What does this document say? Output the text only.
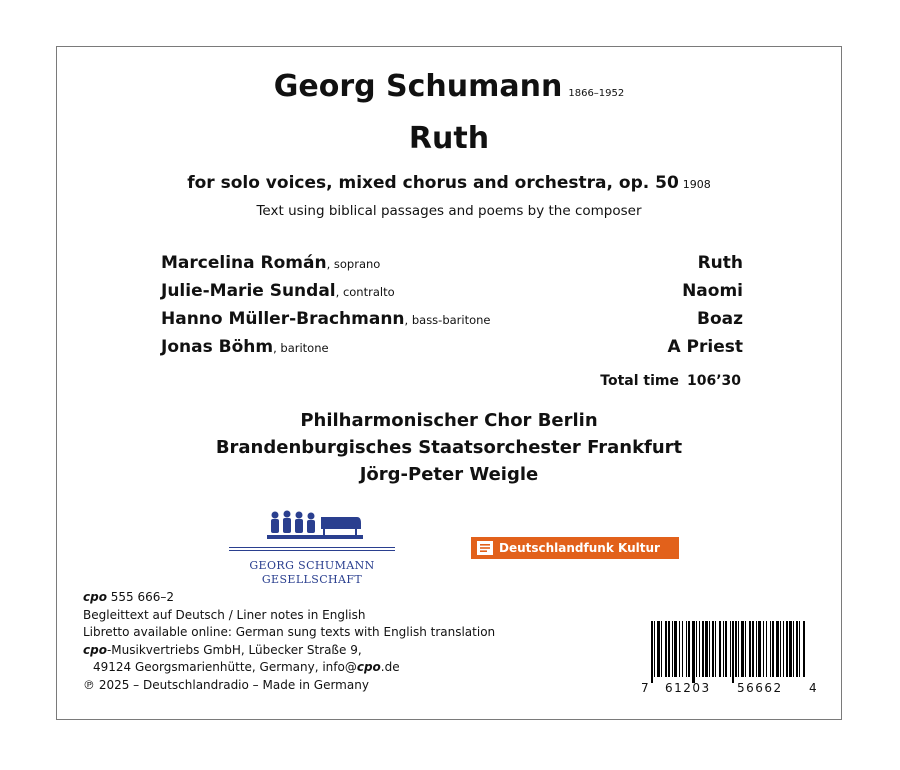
Georg Schumann 1866–1952
Ruth
for solo voices, mixed chorus and orchestra, op. 50 1908
Text using biblical passages and poems by the composer
Marcelina Román, soprano	Ruth
Julie-Marie Sundal, contralto	Naomi
Hanno Müller-Brachmann, bass-baritone	Boaz
Jonas Böhm, baritone	A Priest
Total time 106’30
Philharmonischer Chor Berlin
Brandenburgisches Staatsorchester Frankfurt
Jörg-Peter Weigle
GEORG SCHUMANN
GESELLSCHAFT
Deutschlandfunk Kultur
cpo 555 666–2
Begleittext auf Deutsch / Liner notes in English
Libretto available online: German sung texts with English translation
cpo-Musikvertriebs GmbH, Lübecker Straße 9,
49124 Georgsmarienhütte, Germany, info@cpo.de
℗ 2025 – Deutschlandradio – Made in Germany	7 61203 56662 4
